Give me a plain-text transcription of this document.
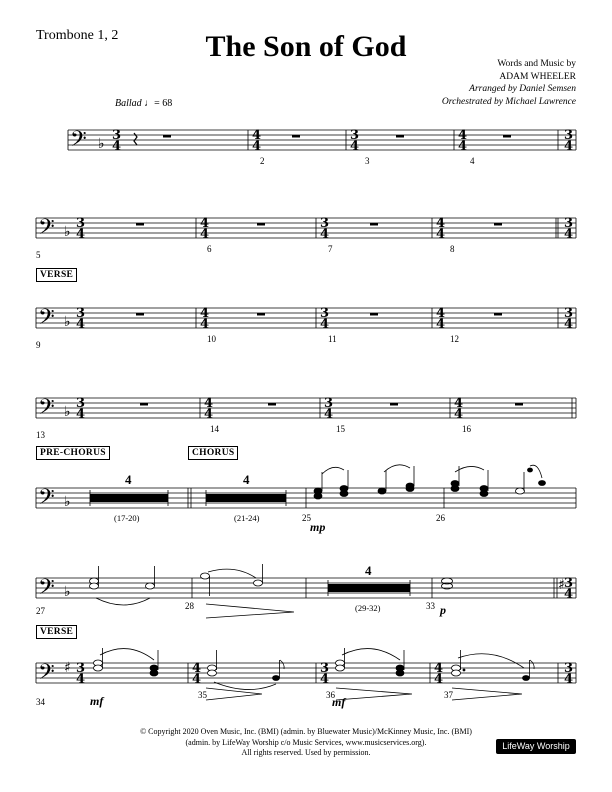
Trombone 1, 2	The Son of God
Words and Music by
ADAM WHEELER
Arranged by Daniel Semsen
Orchestrated by Michael Lawrence
Ballad ♩= 68
VERSE
PRE-CHORUS	CHORUS
VERSE
𝄢 ♭
3
4
4
4
3
4
4
4
3
4
2	3	4
𝄢 ♭
3
4
4
4
3
4
4
4
3
4
5
6	7	8
𝄢 ♭
3
4
4
4
3
4
4
4
3
4
9
10	11	12
𝄢 ♭
3
4
4
4
3
4
4
4
13
14	15	16
𝄢 ♭
4
(17-20)
4
(21-24)	25
mp
26
𝄢 ♭
4
(29-32)
27	28	33 p
♯ 3
4
𝄢 ♯ 3
4
4
4
3
4
4
4
3
4
34	mf	35	36
mf	37
© Copyright 2020 Oven Music, Inc. (BMI) (admin. by Bluewater Music)/McKinney Music, Inc. (BMI)
(admin. by LifeWay Worship c/o Music Services, www.musicservices.org).
All rights reserved. Used by permission.
LifeWay Worship
